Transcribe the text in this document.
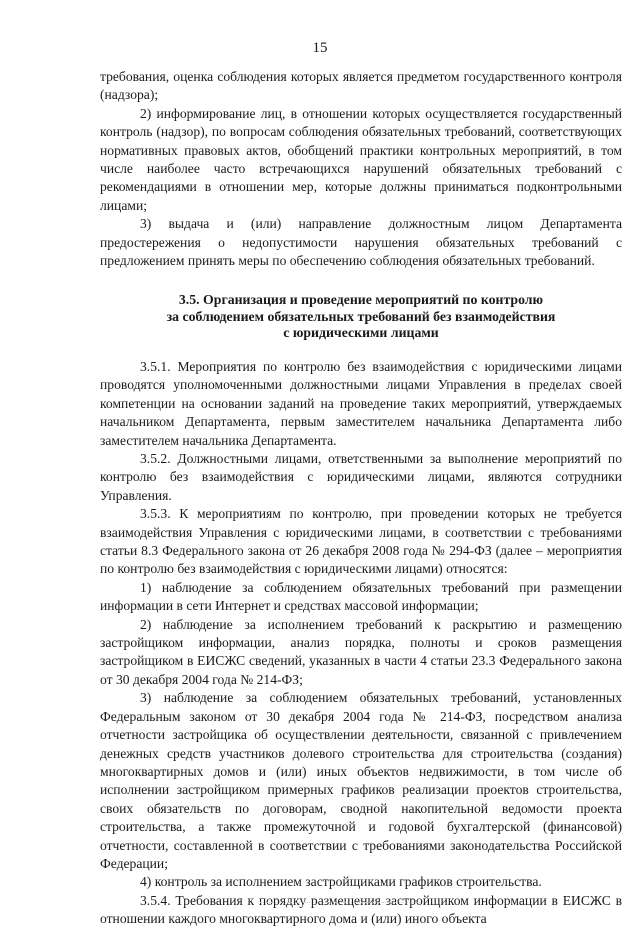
15

требования, оценка соблюдения которых является предметом государственного контроля (надзора);

2) информирование лиц, в отношении которых осуществляется государственный контроль (надзор), по вопросам соблюдения обязательных требований, соответствующих нормативных правовых актов, обобщений практики контрольных мероприятий, в том числе наиболее часто встречающихся нарушений обязательных требований с рекомендациями в отношении мер, которые должны приниматься подконтрольными лицами;

3) выдача и (или) направление должностным лицом Департамента предостережения о недопустимости нарушения обязательных требований с предложением принять меры по обеспечению соблюдения обязательных требований.

3.5. Организация и проведение мероприятий по контролю
за соблюдением обязательных требований без взаимодействия
с юридическими лицами

3.5.1. Мероприятия по контролю без взаимодействия с юридическими лицами проводятся уполномоченными должностными лицами Управления в пределах своей компетенции на основании заданий на проведение таких мероприятий, утверждаемых начальником Департамента, первым заместителем начальника Департамента либо заместителем начальника Департамента.

3.5.2. Должностными лицами, ответственными за выполнение мероприятий по контролю без взаимодействия с юридическими лицами, являются сотрудники Управления.

3.5.3. К мероприятиям по контролю, при проведении которых не требуется взаимодействия Управления с юридическими лицами, в соответствии с требованиями статьи 8.3 Федерального закона от 26 декабря 2008 года № 294-ФЗ (далее – мероприятия по контролю без взаимодействия с юридическими лицами) относятся:

1) наблюдение за соблюдением обязательных требований при размещении информации в сети Интернет и средствах массовой информации;

2) наблюдение за исполнением требований к раскрытию и размещению застройщиком информации, анализ порядка, полноты и сроков размещения застройщиком в ЕИСЖС сведений, указанных в части 4 статьи 23.3 Федерального закона от 30 декабря 2004 года № 214-ФЗ;

3) наблюдение за соблюдением обязательных требований, установленных Федеральным законом от 30 декабря 2004 года № 214-ФЗ, посредством анализа отчетности застройщика об осуществлении деятельности, связанной с привлечением денежных средств участников долевого строительства для строительства (создания) многоквартирных домов и (или) иных объектов недвижимости, в том числе об исполнении застройщиком примерных графиков реализации проектов строительства, своих обязательств по договорам, сводной накопительной ведомости проекта строительства, а также промежуточной и годовой бухгалтерской (финансовой) отчетности, составленной в соответствии с требованиями законодательства Российской Федерации;

4) контроль за исполнением застройщиками графиков строительства.

3.5.4. Требования к порядку размещения застройщиком информации в ЕИСЖС в отношении каждого многоквартирного дома и (или) иного объекта
